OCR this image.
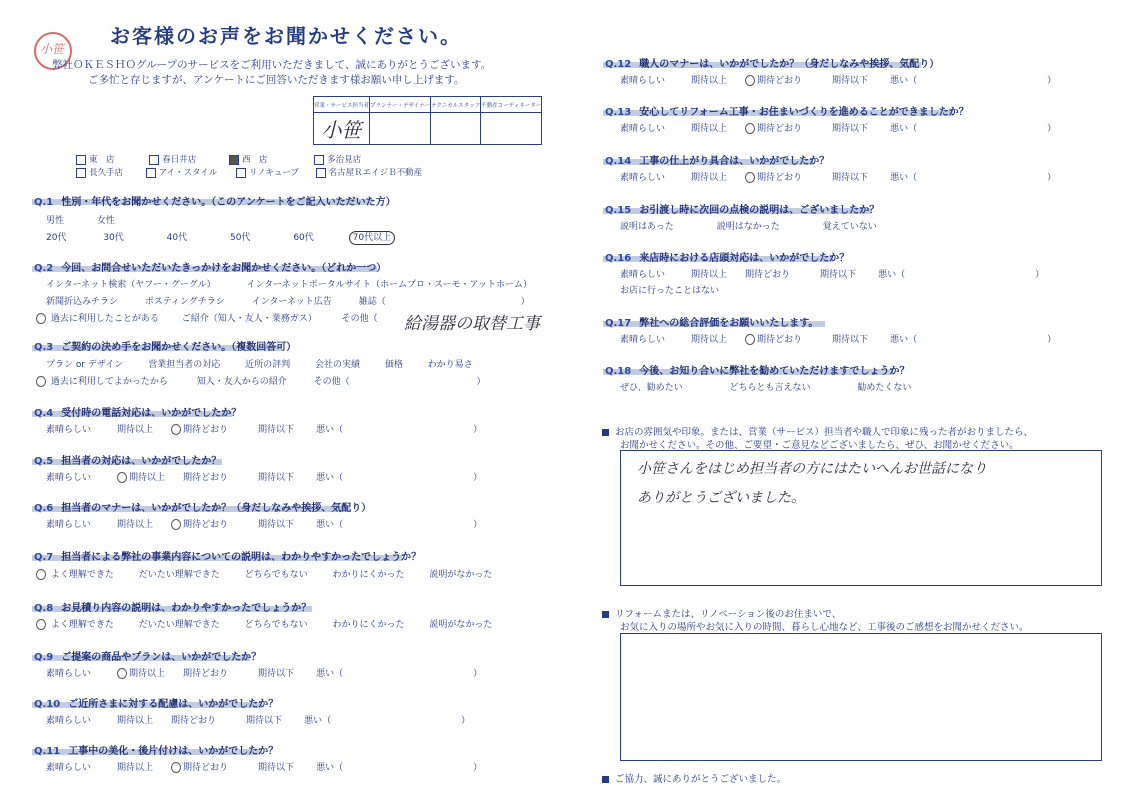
お客様のお声をお聞かせください。
弊社ＯＫＥＳＨＯグループのサービスをご利用いただきまして、誠にありがとうございます。
ご多忙と存じますが、アンケートにご回答いただきます様お願い申し上げます。
営業・サービス担当者	プランナー・デザイナー	テクニカルスタッフ	不動産コーディネーター
小笹			
東　店	春日井店	西　店	多治見店
長久手店	アイ・スタイル	リノキューブ	名古屋ＲエイジＢ不動産
Q.1 性別・年代をお聞かせください。（このアンケートをご記入いただいた方）
男性	女性
20代	30代	40代	50代	60代	70代以上
Q.2 今回、お問合せいただいたきっかけをお聞かせください。（どれか一つ）
インターネット検索（ヤフー・グーグル）	インターネットポータルサイト（ホームプロ・スーモ・アットホーム）
新聞折込みチラシ	ポスティングチラシ	インターネット広告	雑誌（	）
過去に利用したことがある	ご紹介（知人・友人・業務ガス）	その他（ 給湯器の取替工事
Q.3 ご契約の決め手をお聞かせください。（複数回答可）
プラン or デザイン	営業担当者の対応	近所の評判	会社の実績	価格	わかり易さ
過去に利用してよかったから	知人・友人からの紹介	その他（	）
Q.4 受付時の電話対応は、いかがでしたか？
素晴らしい	期待以上	期待どおり	期待以下 悪い（	）
Q.5 担当者の対応は、いかがでしたか？
素晴らしい	期待以上 期待どおり	期待以下 悪い（	）
Q.6 担当者のマナーは、いかがでしたか？（身だしなみや挨拶、気配り）
素晴らしい	期待以上	期待どおり	期待以下 悪い（	）
Q.9 ご提案の商品やプランは、いかがでしたか？
素晴らしい	期待以上 期待どおり	期待以下 悪い（	）
Q.10 ご近所さまに対する配慮は、いかがでしたか？
素晴らしい	期待以上 期待どおり	期待以下 悪い（	）
Q.11 工事中の美化・後片付けは、いかがでしたか？
素晴らしい	期待以上	期待どおり	期待以下 悪い（	）
Q.7 担当者による弊社の事業内容についての説明は、わかりやすかったでしょうか？
よく理解できた	だいたい理解できた	どちらでもない	わかりにくかった	説明がなかった
Q.8 お見積り内容の説明は、わかりやすかったでしょうか？
よく理解できた	だいたい理解できた	どちらでもない	わかりにくかった	説明がなかった
Q.12 職人のマナーは、いかがでしたか？（身だしなみや挨拶、気配り）
素晴らしい	期待以上	期待どおり	期待以下 悪い（	）
Q.13 安心してリフォーム工事・お住まいづくりを進めることができましたか？
素晴らしい	期待以上	期待どおり	期待以下 悪い（	）
Q.14 工事の仕上がり具合は、いかがでしたか？
素晴らしい	期待以上	期待どおり	期待以下 悪い（	）
Q.16 来店時における店頭対応は、いかがでしたか？
素晴らしい	期待以上 期待どおり	期待以下 悪い（	）
Q.17 弊社への総合評価をお願いいたします。
素晴らしい	期待以上	期待どおり	期待以下 悪い（	）
Q.15 お引渡し時に次回の点検の説明は、ございましたか？
説明はあった	説明はなかった	覚えていない
お店に行ったことはない
Q.18 今後、お知り合いに弊社を勧めていただけますでしょうか？
ぜひ、勧めたい	どちらとも言えない	勧めたくない
お店の雰囲気や印象。または、営業（サービス）担当者や職人で印象に残った者がおりましたら、
お聞かせください。その他、ご要望・ご意見などございましたら、ぜひ、お聞かせください。
小笹さんをはじめ担当者の方にはたいへんお世話になり
ありがとうございました。
リフォームまたは、リノベーション後のお住まいで、
お気に入りの場所やお気に入りの時間、暮らし心地など、工事後のご感想をお聞かせください。
ご協力、誠にありがとうございました。
小笹
